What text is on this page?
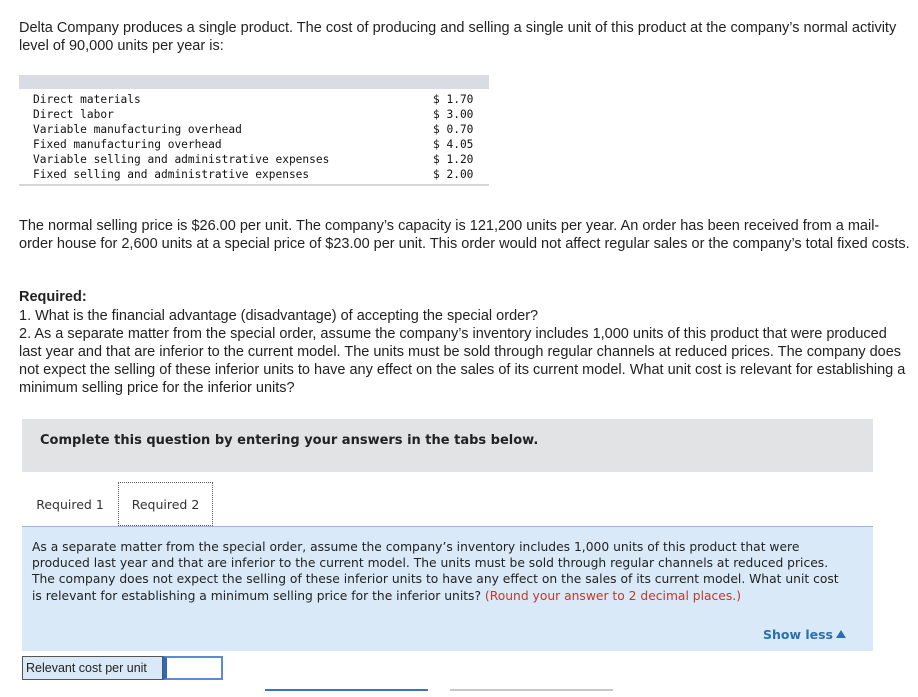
Delta Company produces a single product. The cost of producing and selling a single unit of this product at the company’s normal activity level of 90,000 units per year is:

Direct materials	$ 1.70
Direct labor	$ 3.00
Variable manufacturing overhead	$ 0.70
Fixed manufacturing overhead	$ 4.05
Variable selling and administrative expenses	$ 1.20
Fixed selling and administrative expenses	$ 2.00

The normal selling price is $26.00 per unit. The company’s capacity is 121,200 units per year. An order has been received from a mail-order house for 2,600 units at a special price of $23.00 per unit. This order would not affect regular sales or the company’s total fixed costs.

Required:

1. What is the financial advantage (disadvantage) of accepting the special order?

2. As a separate matter from the special order, assume the company’s inventory includes 1,000 units of this product that were produced last year and that are inferior to the current model. The units must be sold through regular channels at reduced prices. The company does not expect the selling of these inferior units to have any effect on the sales of its current model. What unit cost is relevant for establishing a minimum selling price for the inferior units?

Complete this question by entering your answers in the tabs below.
Required 1	Required 2

As a separate matter from the special order, assume the company’s inventory includes 1,000 units of this product that were produced last year and that are inferior to the current model. The units must be sold through regular channels at reduced prices. The company does not expect the selling of these inferior units to have any effect on the sales of its current model. What unit cost is relevant for establishing a minimum selling price for the inferior units? (Round your answer to 2 decimal places.)

Show less
Relevant cost per unit
